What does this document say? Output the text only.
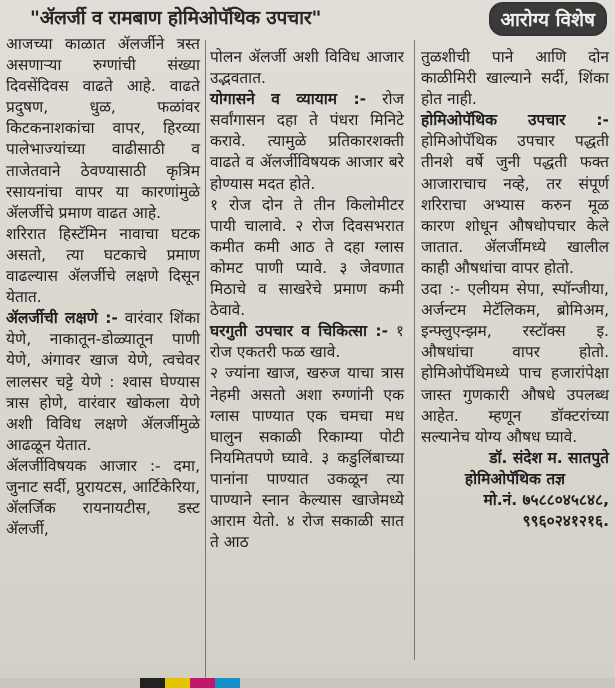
"ॲलर्जी व रामबाण होमिओपॅथिक उपचार"	आरोग्य विशेष

आजच्या काळात ॲलर्जीने त्रस्त असणाऱ्या रुग्णांची संख्या दिवसेंदिवस वाढते आहे. वाढते प्रदुषण, धुळ, फळांवर किटकनाशकांचा वापर, हिरव्या पालेभाज्यांच्या वाढीसाठी व ताजेतवाने ठेवण्यासाठी कृत्रिम रसायनांचा वापर या कारणांमुळे ॲलर्जीचे प्रमाण वाढत आहे.

शरिरात हिस्टॅमिन नावाचा घटक असतो, त्या घटकाचे प्रमाण वाढल्यास ॲलर्जीचे लक्षणे दिसून येतात.

ॲलर्जीची लक्षणे :- वारंवार शिंका येणे, नाकातून-डोळ्यातून पाणी येणे, अंगावर खाज येणे, त्वचेवर लालसर चट्टे येणे : श्वास घेण्यास त्रास होणे, वारंवार खोकला येणे अशी विविध लक्षणे ॲलर्जीमुळे आढळून येतात.

ॲलर्जीविषयक आजार :- दमा, जुनाट सर्दी, प्रुरायटस, आर्टिकेरिया, ॲलर्जिक रायनायटीस, डस्ट ॲलर्जी,

पोलन ॲलर्जी अशी विविध आजार उद्भवतात.

योगासने व व्यायाम :- रोज सर्वांगासन दहा ते पंधरा मिनिटे करावे. त्यामुळे प्रतिकारशक्ती वाढते व ॲलर्जीविषयक आजार बरे होण्यास मदत होते.

१ रोज दोन ते तीन किलोमीटर पायी चालावे. २ रोज दिवसभरात कमीत कमी आठ ते दहा ग्लास कोमट पाणी प्यावे. ३ जेवणात मिठाचे व साखरेचे प्रमाण कमी ठेवावे.

घरगुती उपचार व चिकित्सा :- १ रोज एकतरी फळ खावे.

२ ज्यांना खाज, खरुज याचा त्रास नेहमी असतो अशा रुग्णांनी एक ग्लास पाण्यात एक चमचा मध घालुन सकाळी रिकाम्या पोटी नियमितपणे घ्यावे. ३ कडुलिंबाच्या पानांना पाण्यात उकळून त्या पाण्याने स्नान केल्यास खाजेमध्ये आराम येतो. ४ रोज सकाळी सात ते आठ

तुळशीची पाने आणि दोन काळीमिरी खाल्याने सर्दी, शिंका होत नाही.

होमिओपॅथिक उपचार :- होमिओपॅथिक उपचार पद्धती तीनशे वर्षे जुनी पद्धती फक्त आजाराचाच नव्हे, तर संपूर्ण शरिराचा अभ्यास करुन मूळ कारण शोधून औषधोपचार केले जातात. ॲलर्जीमध्ये खालील काही औषधांचा वापर होतो.

उदा :- एलीयम सेपा, स्पॉन्जीया, अर्जन्टम मेटॅलिकम, ब्रोमिअम, इन्फ्लुएन्झम, रस्टॉक्स इ. औषधांचा वापर होतो. होमिओपॅथिमध्ये पाच हजारांपेक्षा जास्त गुणकारी औषधे उपलब्ध आहेत. म्हणून डॉक्टरांच्या सल्यानेच योग्य औषध घ्यावे.

डॉ. संदेश म. सातपुते

होमिओपॅथिक तज्ञ

मो.नं. ७५८८०४५८४८,

९९६०२४१२१६.
